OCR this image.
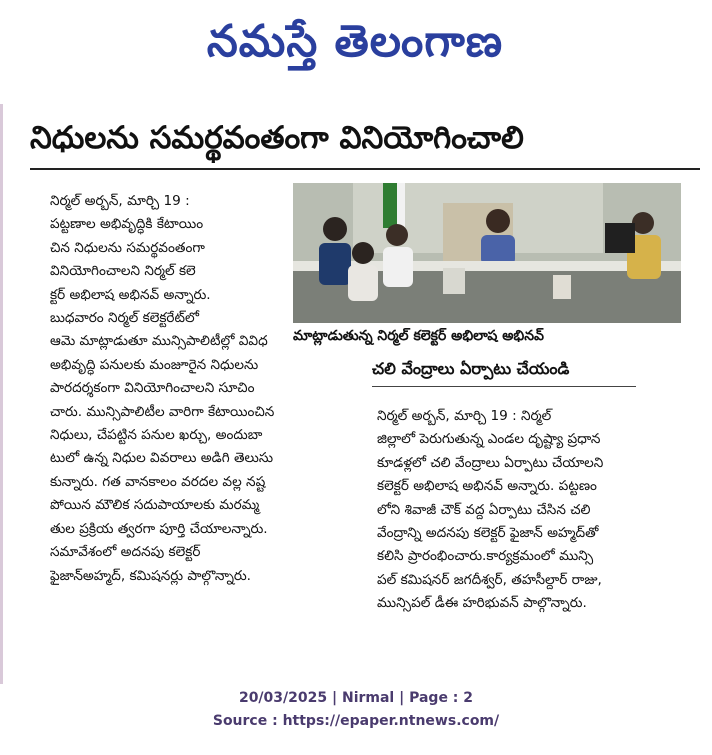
నమస్తే తెలంగాణ
నిధులను సమర్థవంతంగా వినియోగించాలి

నిర్మల్ అర్బన్, మార్చి 19 :

పట్టణాల అభివృద్ధికి కేటాయిం

చిన నిధులను సమర్థవంతంగా

వినియోగించాలని నిర్మల్ కలె

క్టర్ అభిలాష అభినవ్ అన్నారు.

బుధవారం నిర్మల్ కలెక్టరేట్‌లో

ఆమె మాట్లాడుతూ మున్సిపాలిటీల్లో వివిధ

అభివృద్ధి పనులకు మంజూరైన నిధులను

పారదర్శకంగా వినియోగించాలని సూచిం

చారు. మున్సిపాలిటీల వారిగా కేటాయించిన

నిధులు, చేపట్టిన పనుల ఖర్చు, అందుబా

టులో ఉన్న నిధుల వివరాలు అడిగి తెలుసు

కున్నారు. గత వానకాలం వరదల వల్ల నష్ట

పోయిన మౌలిక సదుపాయాలకు మరమ్మ

తుల ప్రక్రియ త్వరగా పూర్తి చేయాలన్నారు.

సమావేశంలో అదనపు కలెక్టర్

ఫైజాన్‌అహ్మద్, కమిషనర్లు పాల్గొన్నారు.

మాట్లాడుతున్న నిర్మల్ కలెక్టర్ అభిలాష అభినవ్
చలి వేంద్రాలు ఏర్పాటు చేయండి

నిర్మల్ అర్బన్, మార్చి 19 : నిర్మల్

జిల్లాలో పెరుగుతున్న ఎండల దృష్ట్యా ప్రధాన

కూడళ్లలో చలి వేంద్రాలు ఏర్పాటు చేయాలని

కలెక్టర్ అభిలాష అభినవ్ అన్నారు. పట్టణం

లోని శివాజీ చౌక్ వద్ద ఏర్పాటు చేసిన చలి

వేంద్రాన్ని అదనపు కలెక్టర్ ఫైజాన్ అహ్మద్‌తో

కలిసి ప్రారంభించారు.కార్యక్రమంలో మున్సి

పల్ కమిషనర్ జగదీశ్వర్, తహసీల్దార్ రాజు,

మున్సిపల్ డీఈ హరిభువన్ పాల్గొన్నారు.

20/03/2025 | Nirmal | Page : 2
Source : https://epaper.ntnews.com/
